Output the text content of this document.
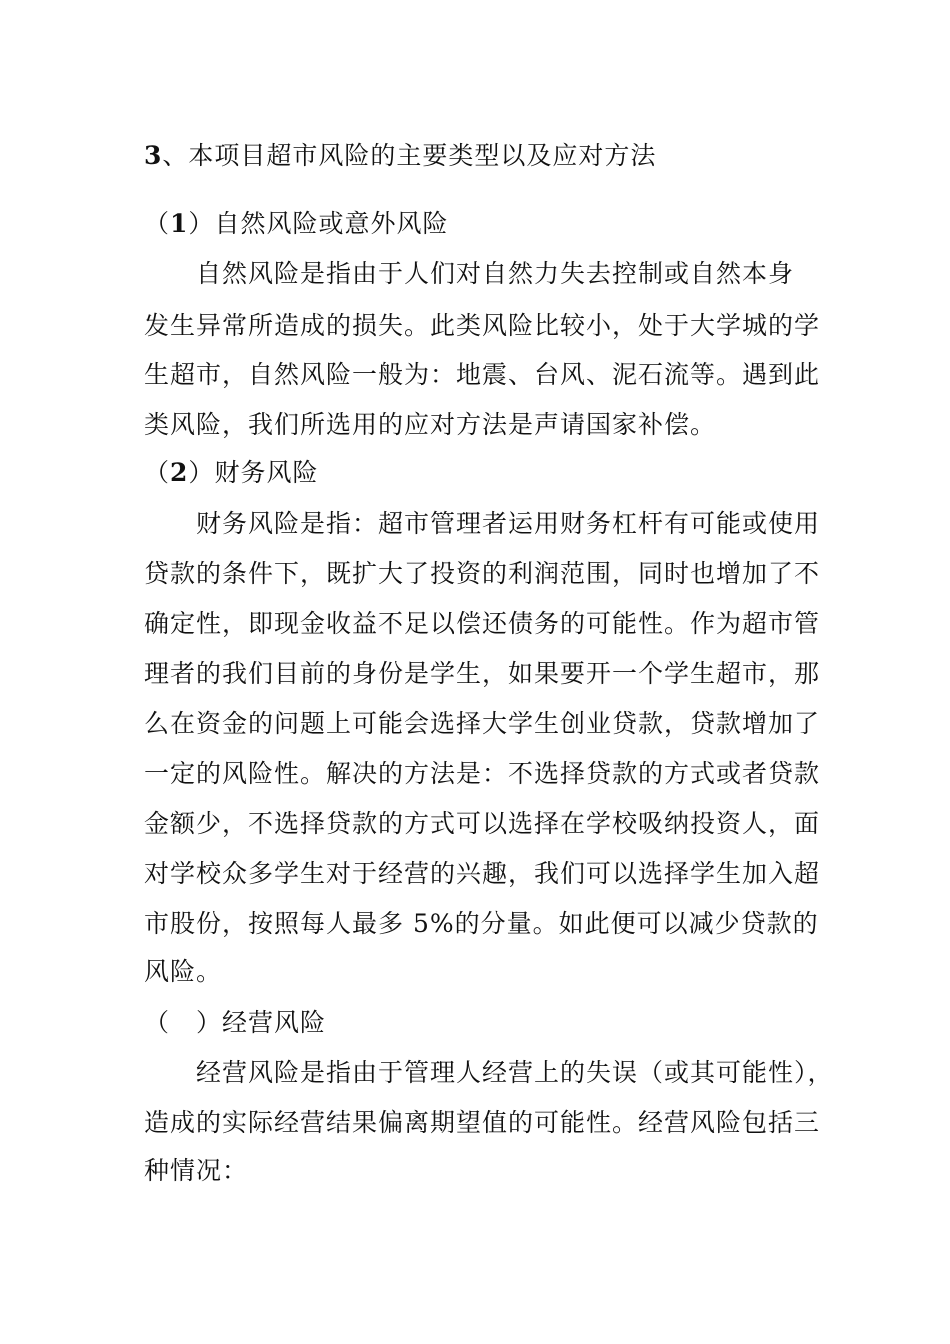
3、本项目超市风险的主要类型以及应对方法
（1）自然风险或意外风险
自然风险是指由于人们对自然力失去控制或自然本身
发生异常所造成的损失。此类风险比较小，处于大学城的学
生超市，自然风险一般为：地震、台风、泥石流等。遇到此
类风险，我们所选用的应对方法是声请国家补偿。
（2）财务风险
财务风险是指：超市管理者运用财务杠杆有可能或使用
贷款的条件下，既扩大了投资的利润范围，同时也增加了不
确定性，即现金收益不足以偿还债务的可能性。作为超市管
理者的我们目前的身份是学生，如果要开一个学生超市，那
么在资金的问题上可能会选择大学生创业贷款，贷款增加了
一定的风险性。解决的方法是：不选择贷款的方式或者贷款
金额少，不选择贷款的方式可以选择在学校吸纳投资人，面
对学校众多学生对于经营的兴趣，我们可以选择学生加入超
市股份，按照每人最多 5%的分量。如此便可以减少贷款的
风险。
（ ）经营风险
经营风险是指由于管理人经营上的失误（或其可能性），
造成的实际经营结果偏离期望值的可能性。经营风险包括三
种情况：
